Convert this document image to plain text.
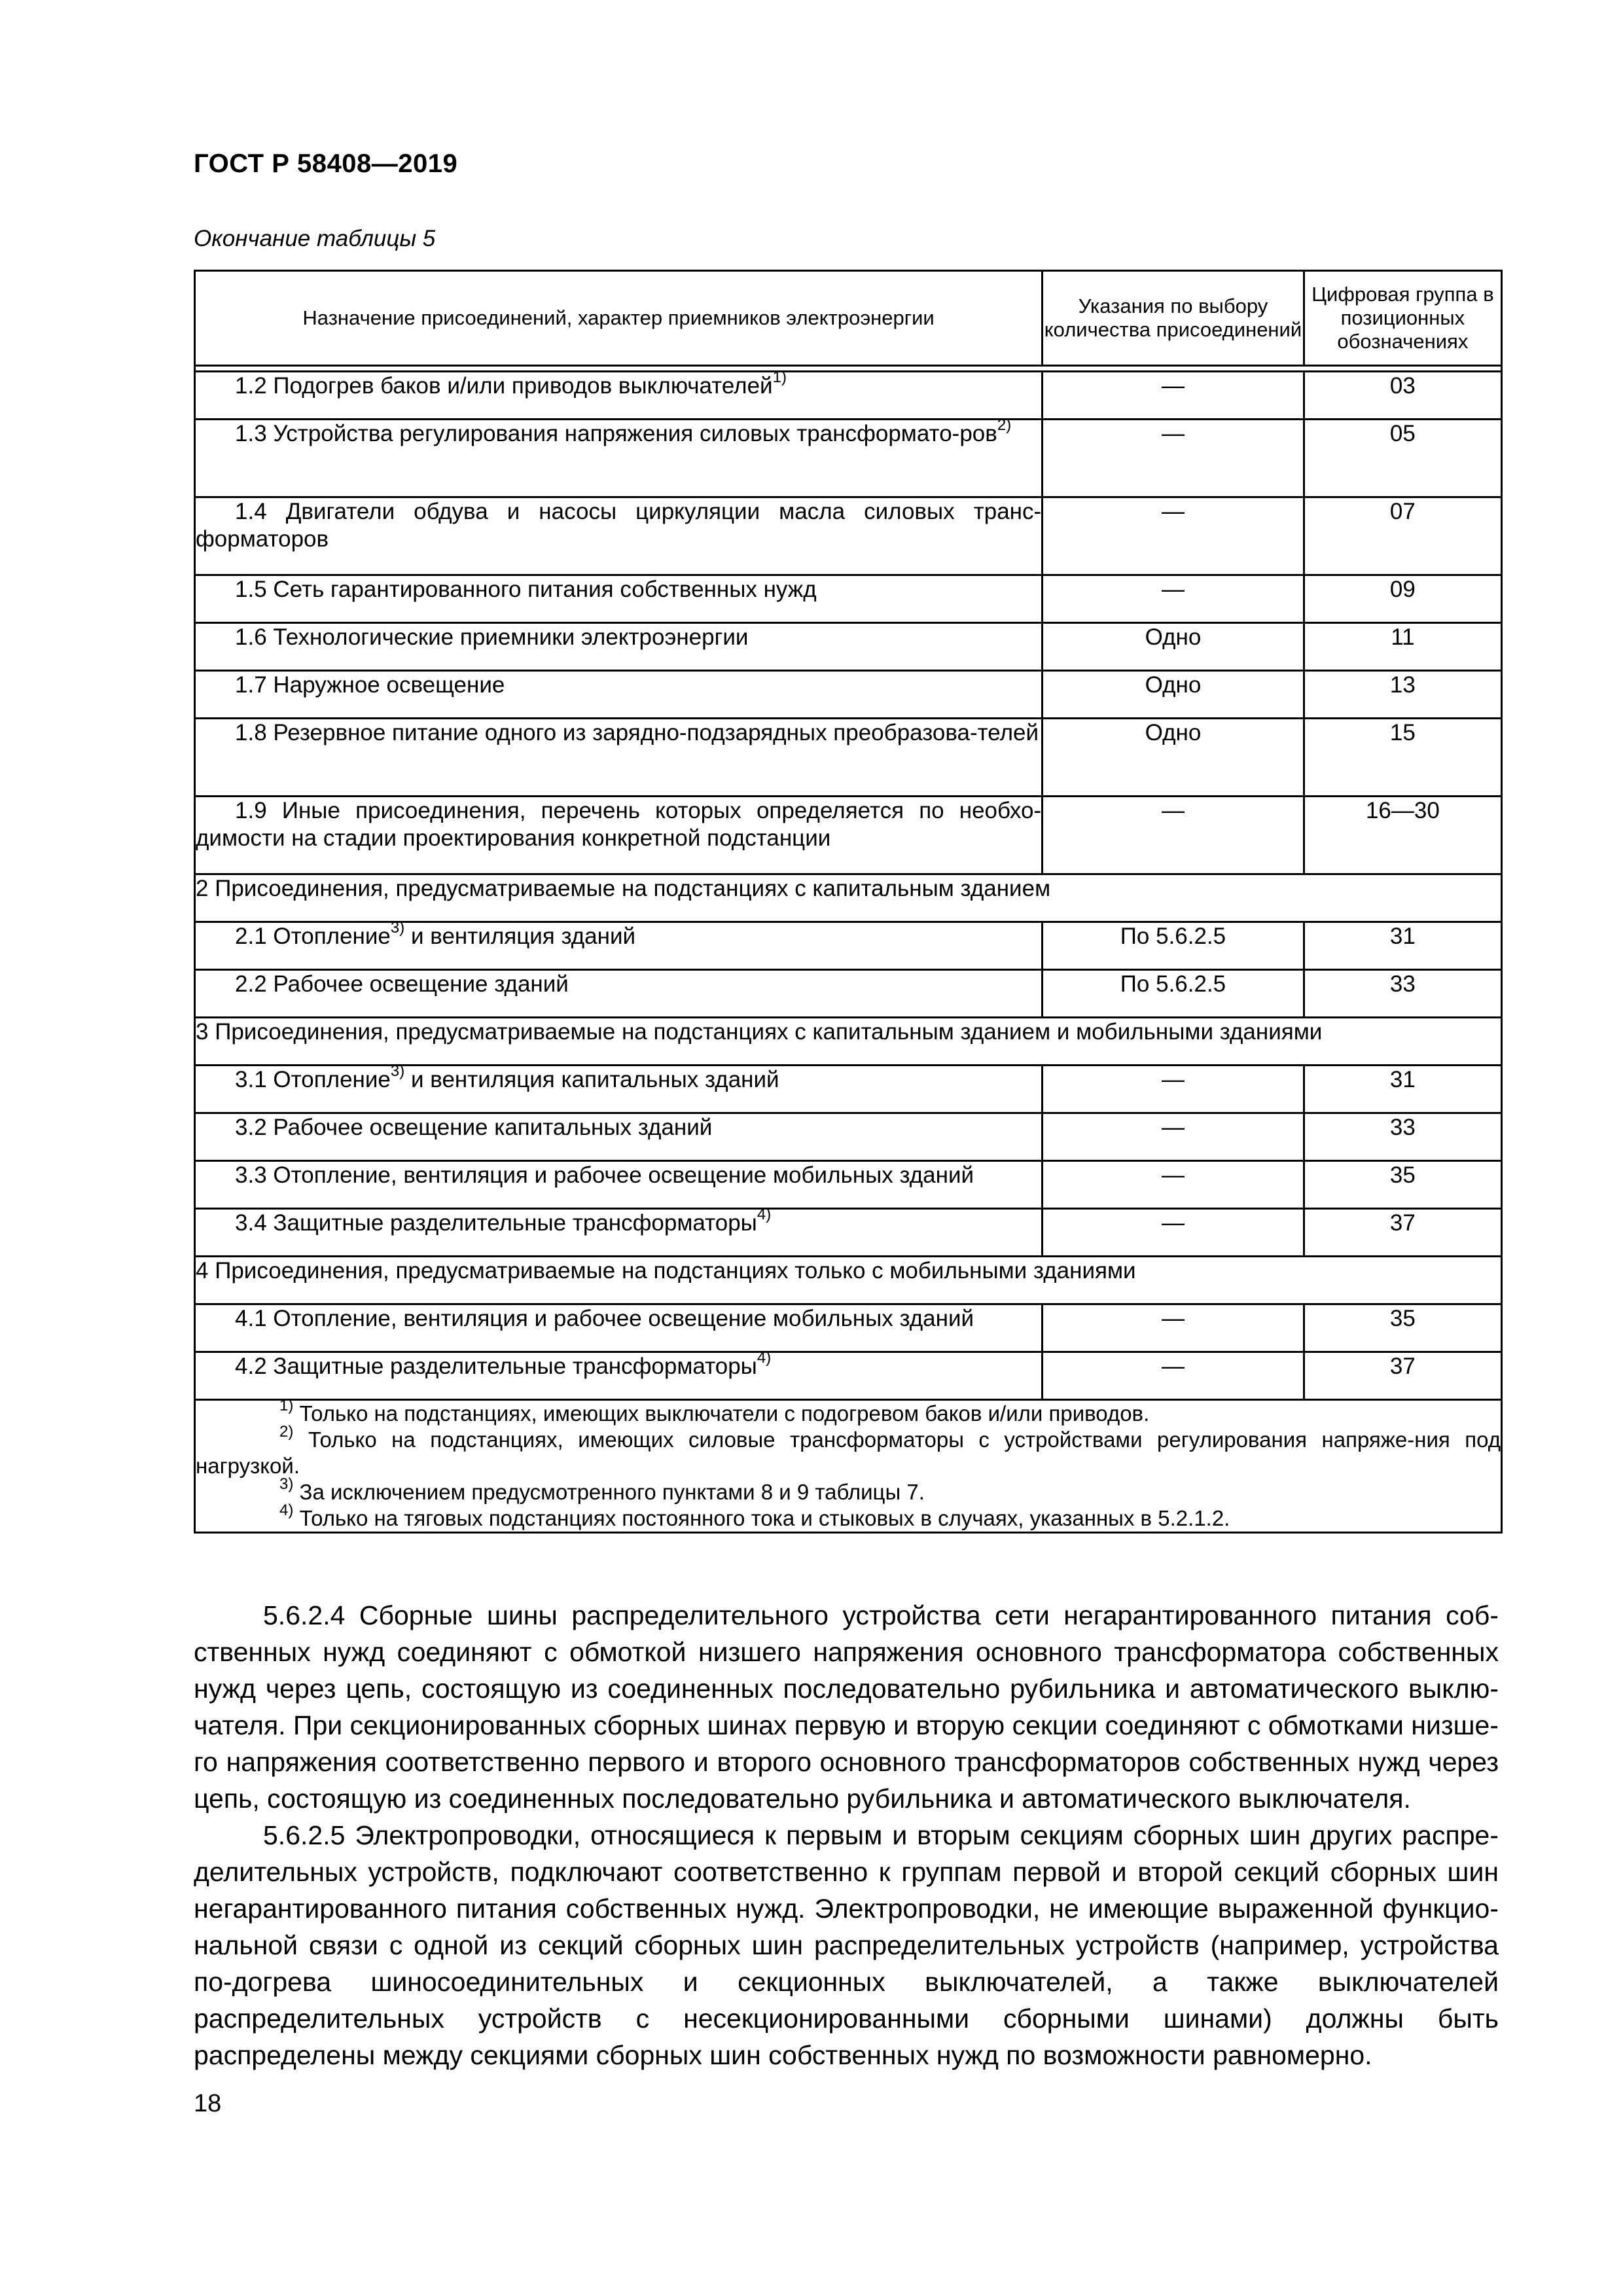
ГОСТ Р 58408—2019
Окончание таблицы 5
Назначение присоединений, характер приемников электроэнергии	Указания по выбору количества присоединений	Цифровая группа в позиционных обозначениях

1.2 Подогрев баков и/или приводов выключателей$^{1)}$	—	03
1.3 Устройства регулирования напряжения силовых трансформато-ров$^{2)}$	—	05
1.4 Двигатели обдува и насосы циркуляции масла силовых транс-форматоров	—	07
1.5 Сеть гарантированного питания собственных нужд	—	09
1.6 Технологические приемники электроэнергии	Одно	11
1.7 Наружное освещение	Одно	13
1.8 Резервное питание одного из зарядно-подзарядных преобразова-телей	Одно	15
1.9 Иные присоединения, перечень которых определяется по необхо-димости на стадии проектирования конкретной подстанции	—	16—30
2 Присоединения, предусматриваемые на подстанциях с капитальным зданием		
2.1 Отопление$^{3)}$ и вентиляция зданий	По 5.6.2.5	31
2.2 Рабочее освещение зданий	По 5.6.2.5	33
3 Присоединения, предусматриваемые на подстанциях с капитальным зданием и мобильными зданиями		
3.1 Отопление$^{3)}$ и вентиляция капитальных зданий	—	31
3.2 Рабочее освещение капитальных зданий	—	33
3.3 Отопление, вентиляция и рабочее освещение мобильных зданий	—	35
3.4 Защитные разделительные трансформаторы$^{4)}$	—	37
4 Присоединения, предусматриваемые на подстанциях только с мобильными зданиями		
4.1 Отопление, вентиляция и рабочее освещение мобильных зданий	—	35
4.2 Защитные разделительные трансформаторы$^{4)}$	—	37

$^{1)}$ Только на подстанциях, имеющих выключатели с подогревом баков и/или приводов.
$^{2)}$ Только на подстанциях, имеющих силовые трансформаторы с устройствами регулирования напряже-ния под нагрузкой.
$^{3)}$ За исключением предусмотренного пунктами 8 и 9 таблицы 7.
$^{4)}$ Только на тяговых подстанциях постоянного тока и стыковых в случаях, указанных в 5.2.1.2.		

5.6.2.4 Сборные шины распределительного устройства сети негарантированного питания соб-ственных нужд соединяют с обмоткой низшего напряжения основного трансформатора собственных нужд через цепь, состоящую из соединенных последовательно рубильника и автоматического выклю-чателя. При секционированных сборных шинах первую и вторую секции соединяют с обмотками низше-го напряжения соответственно первого и второго основного трансформаторов собственных нужд через цепь, состоящую из соединенных последовательно рубильника и автоматического выключателя.

5.6.2.5 Электропроводки, относящиеся к первым и вторым секциям сборных шин других распре-делительных устройств, подключают соответственно к группам первой и второй секций сборных шин негарантированного питания собственных нужд. Электропроводки, не имеющие выраженной функцио-нальной связи с одной из секций сборных шин распределительных устройств (например, устройства по-догрева шиносоединительных и секционных выключателей, а также выключателей распределительных устройств с несекционированными сборными шинами) должны быть распределены между секциями сборных шин собственных нужд по возможности равномерно.

18
